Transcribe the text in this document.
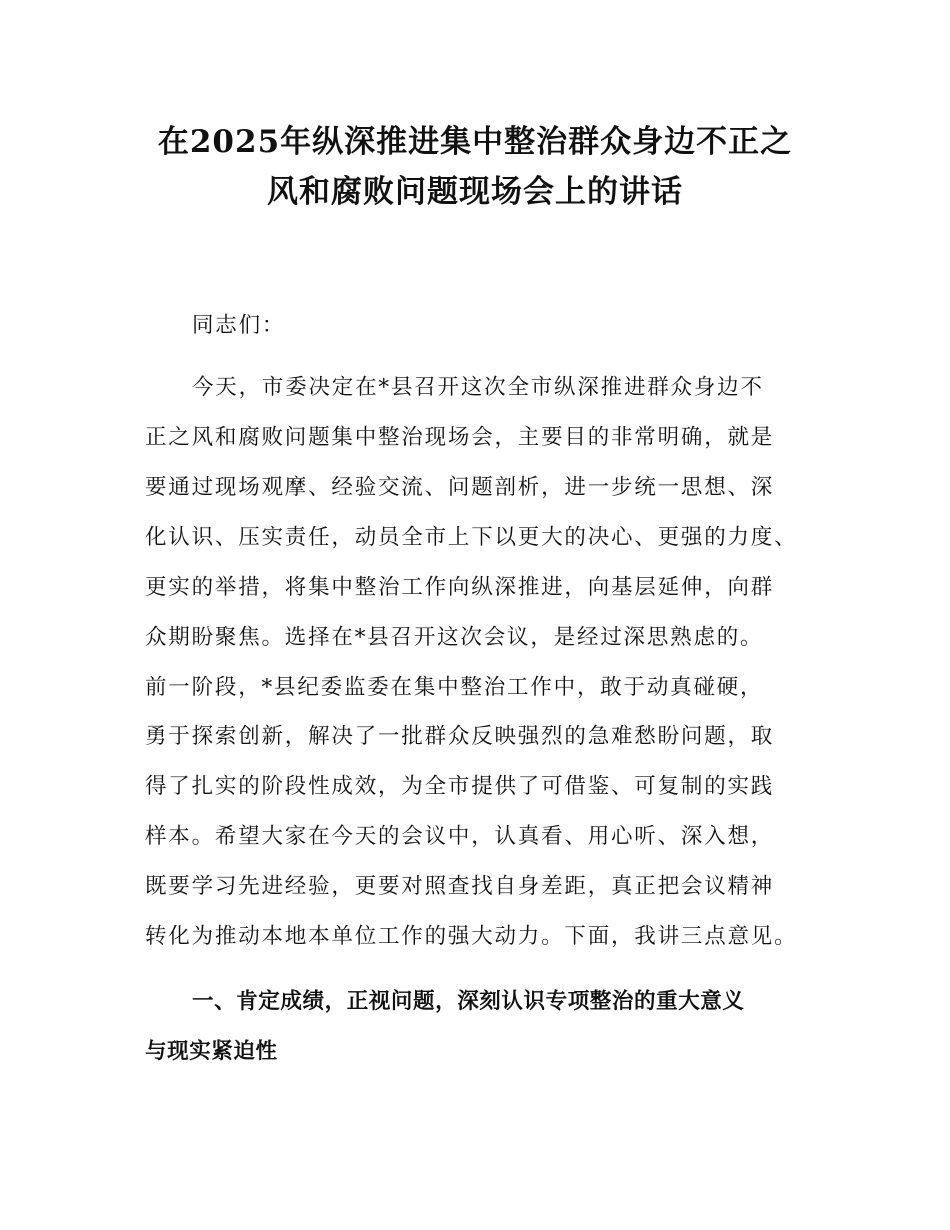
在2025年纵深推进集中整治群众身边不正之
风和腐败问题现场会上的讲话
同志们：
今天，市委决定在*县召开这次全市纵深推进群众身边不
正之风和腐败问题集中整治现场会，主要目的非常明确，就是
要通过现场观摩、经验交流、问题剖析，进一步统一思想、深
化认识、压实责任，动员全市上下以更大的决心、更强的力度、
更实的举措，将集中整治工作向纵深推进，向基层延伸，向群
众期盼聚焦。选择在*县召开这次会议，是经过深思熟虑的。
前一阶段，*县纪委监委在集中整治工作中，敢于动真碰硬，
勇于探索创新，解决了一批群众反映强烈的急难愁盼问题，取
得了扎实的阶段性成效，为全市提供了可借鉴、可复制的实践
样本。希望大家在今天的会议中，认真看、用心听、深入想，
既要学习先进经验，更要对照查找自身差距，真正把会议精神
转化为推动本地本单位工作的强大动力。下面，我讲三点意见。
一、肯定成绩，正视问题，深刻认识专项整治的重大意义
与现实紧迫性
